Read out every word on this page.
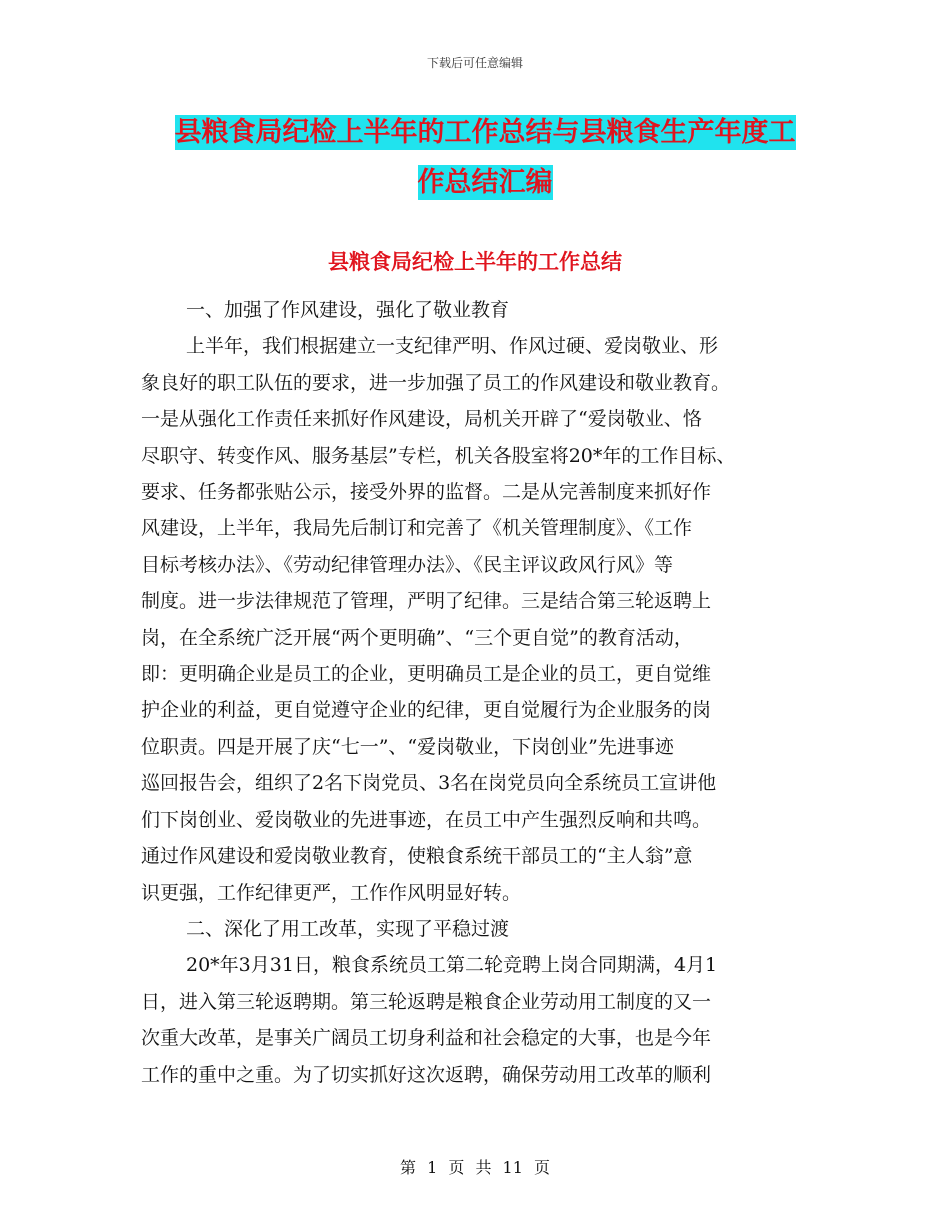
下载后可任意编辑
县粮食局纪检上半年的工作总结与县粮食生产年度工
作总结汇编
县粮食局纪检上半年的工作总结
一、加强了作风建设，强化了敬业教育
上半年，我们根据建立一支纪律严明、作风过硬、爱岗敬业、形
象良好的职工队伍的要求，进一步加强了员工的作风建设和敬业教育。
一是从强化工作责任来抓好作风建设，局机关开辟了“爱岗敬业、恪
尽职守、转变作风、服务基层”专栏，机关各股室将20*年的工作目标、
要求、任务都张贴公示，接受外界的监督。二是从完善制度来抓好作
风建设，上半年，我局先后制订和完善了《机关管理制度》、《工作
目标考核办法》、《劳动纪律管理办法》、《民主评议政风行风》等
制度。进一步法律规范了管理，严明了纪律。三是结合第三轮返聘上
岗，在全系统广泛开展“两个更明确”、“三个更自觉”的教育活动，
即：更明确企业是员工的企业，更明确员工是企业的员工，更自觉维
护企业的利益，更自觉遵守企业的纪律，更自觉履行为企业服务的岗
位职责。四是开展了庆“七一”、“爱岗敬业，下岗创业”先进事迹
巡回报告会，组织了2名下岗党员、3名在岗党员向全系统员工宣讲他
们下岗创业、爱岗敬业的先进事迹，在员工中产生强烈反响和共鸣。
通过作风建设和爱岗敬业教育，使粮食系统干部员工的“主人翁”意
识更强，工作纪律更严，工作作风明显好转。
二、深化了用工改革，实现了平稳过渡
20*年3月31日，粮食系统员工第二轮竞聘上岗合同期满，4月1
日，进入第三轮返聘期。第三轮返聘是粮食企业劳动用工制度的又一
次重大改革，是事关广阔员工切身利益和社会稳定的大事，也是今年
工作的重中之重。为了切实抓好这次返聘，确保劳动用工改革的顺利
第 1 页 共 11 页
